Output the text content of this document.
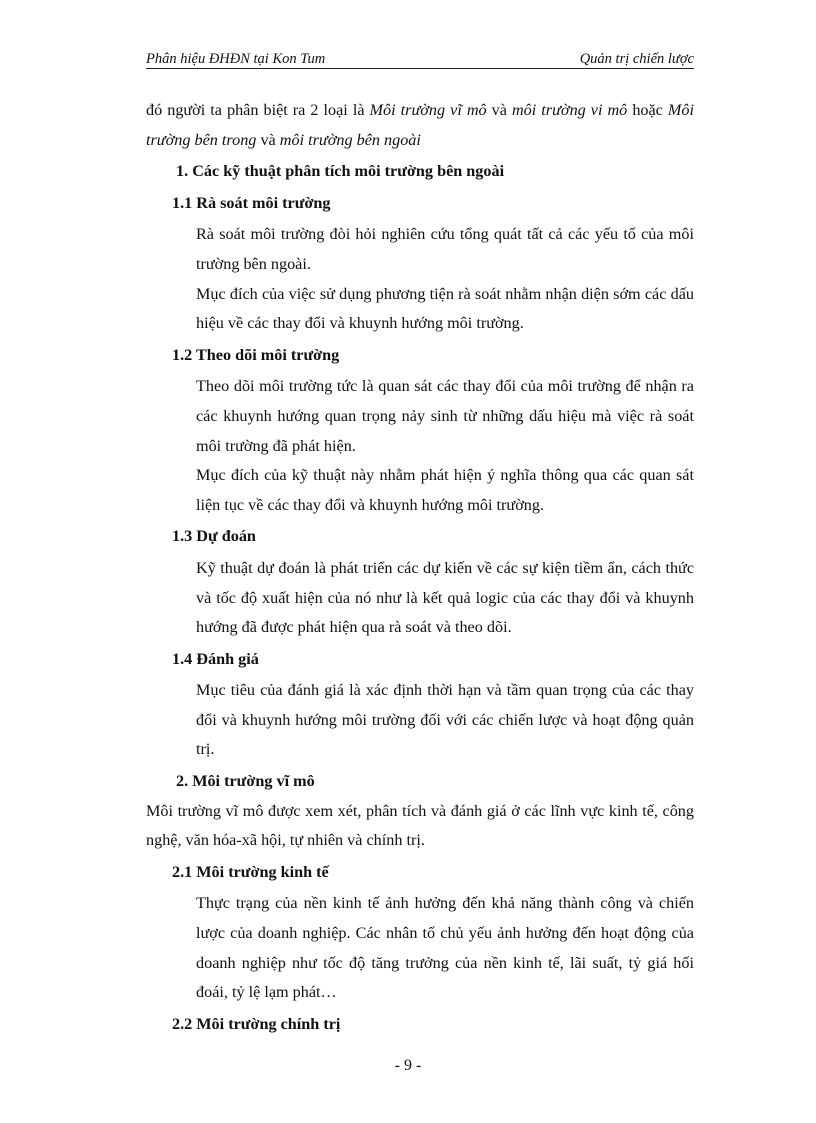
Phân hiệu ĐHĐN tại Kon Tum	Quản trị chiến lược

đó người ta phân biệt ra 2 loại là Môi trường vĩ mô và môi trường vi mô hoặc Môi trường bên trong và môi trường bên ngoài

1. Các kỹ thuật phân tích môi trường bên ngoài

1.1 Rà soát môi trường

Rà soát môi trường đòi hỏi nghiên cứu tổng quát tất cả các yếu tố của môi trường bên ngoài.

Mục đích của việc sử dụng phương tiện rà soát nhằm nhận diện sớm các dấu hiệu về các thay đổi và khuynh hướng môi trường.

1.2 Theo dõi môi trường

Theo dõi môi trường tức là quan sát các thay đổi của môi trường để nhận ra các khuynh hướng quan trọng nảy sinh từ những dấu hiệu mà việc rà soát môi trường đã phát hiện.

Mục đích của kỹ thuật này nhằm phát hiện ý nghĩa thông qua các quan sát liện tục về các thay đổi và khuynh hướng môi trường.

1.3 Dự đoán

Kỹ thuật dự đoán là phát triển các dự kiến về các sự kiện tiềm ẩn, cách thức và tốc độ xuất hiện của nó như là kết quả logic của các thay đổi và khuynh hướng đã được phát hiện qua rà soát và theo dõi.

1.4 Đánh giá

Mục tiêu của đánh giá là xác định thời hạn và tầm quan trọng của các thay đổi và khuynh hướng môi trường đối với các chiến lược và hoạt động quản trị.

2. Môi trường vĩ mô

Môi trường vĩ mô được xem xét, phân tích và đánh giá ở các lĩnh vực kinh tế, công nghệ, văn hóa-xã hội, tự nhiên và chính trị.

2.1 Môi trường kinh tế

Thực trạng của nền kinh tế ảnh hưởng đến khả năng thành công và chiến lược của doanh nghiệp. Các nhân tố chủ yếu ảnh hưởng đến hoạt động của doanh nghiệp như tốc độ tăng trưởng của nền kinh tế, lãi suất, tỷ giá hối đoái, tỷ lệ lạm phát…

2.2 Môi trường chính trị

- 9 -
